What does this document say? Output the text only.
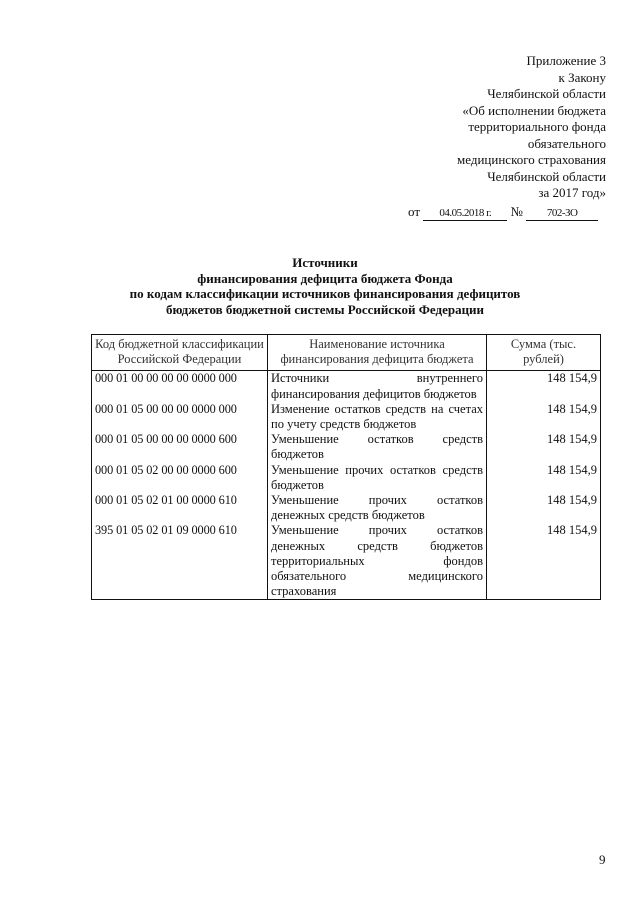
Приложение 3
к Закону
Челябинской области
«Об исполнении бюджета
территориального фонда
обязательного
медицинского страхования
Челябинской области
за 2017 год»
от 04.05.2018 г. № 702-ЗО
Источники
финансирования дефицита бюджета Фонда
по кодам классификации источников финансирования дефицитов
бюджетов бюджетной системы Российской Федерации
Код бюджетной классификации Российской Федерации	Наименование источника финансирования дефицита бюджета	Сумма (тыс. рублей)
000 01 00 00 00 00 0000 000	Источники внутреннего финансирования дефицитов бюджетов	148 154,9
000 01 05 00 00 00 0000 000	Изменение остатков средств на счетах по учету средств бюджетов	148 154,9
000 01 05 00 00 00 0000 600	Уменьшение остатков средств бюджетов	148 154,9
000 01 05 02 00 00 0000 600	Уменьшение прочих остатков средств бюджетов	148 154,9
000 01 05 02 01 00 0000 610	Уменьшение прочих остатков денежных средств бюджетов	148 154,9
395 01 05 02 01 09 0000 610	Уменьшение прочих остатков денежных средств бюджетов территориальных фондов обязательного медицинского страхования	148 154,9
9
